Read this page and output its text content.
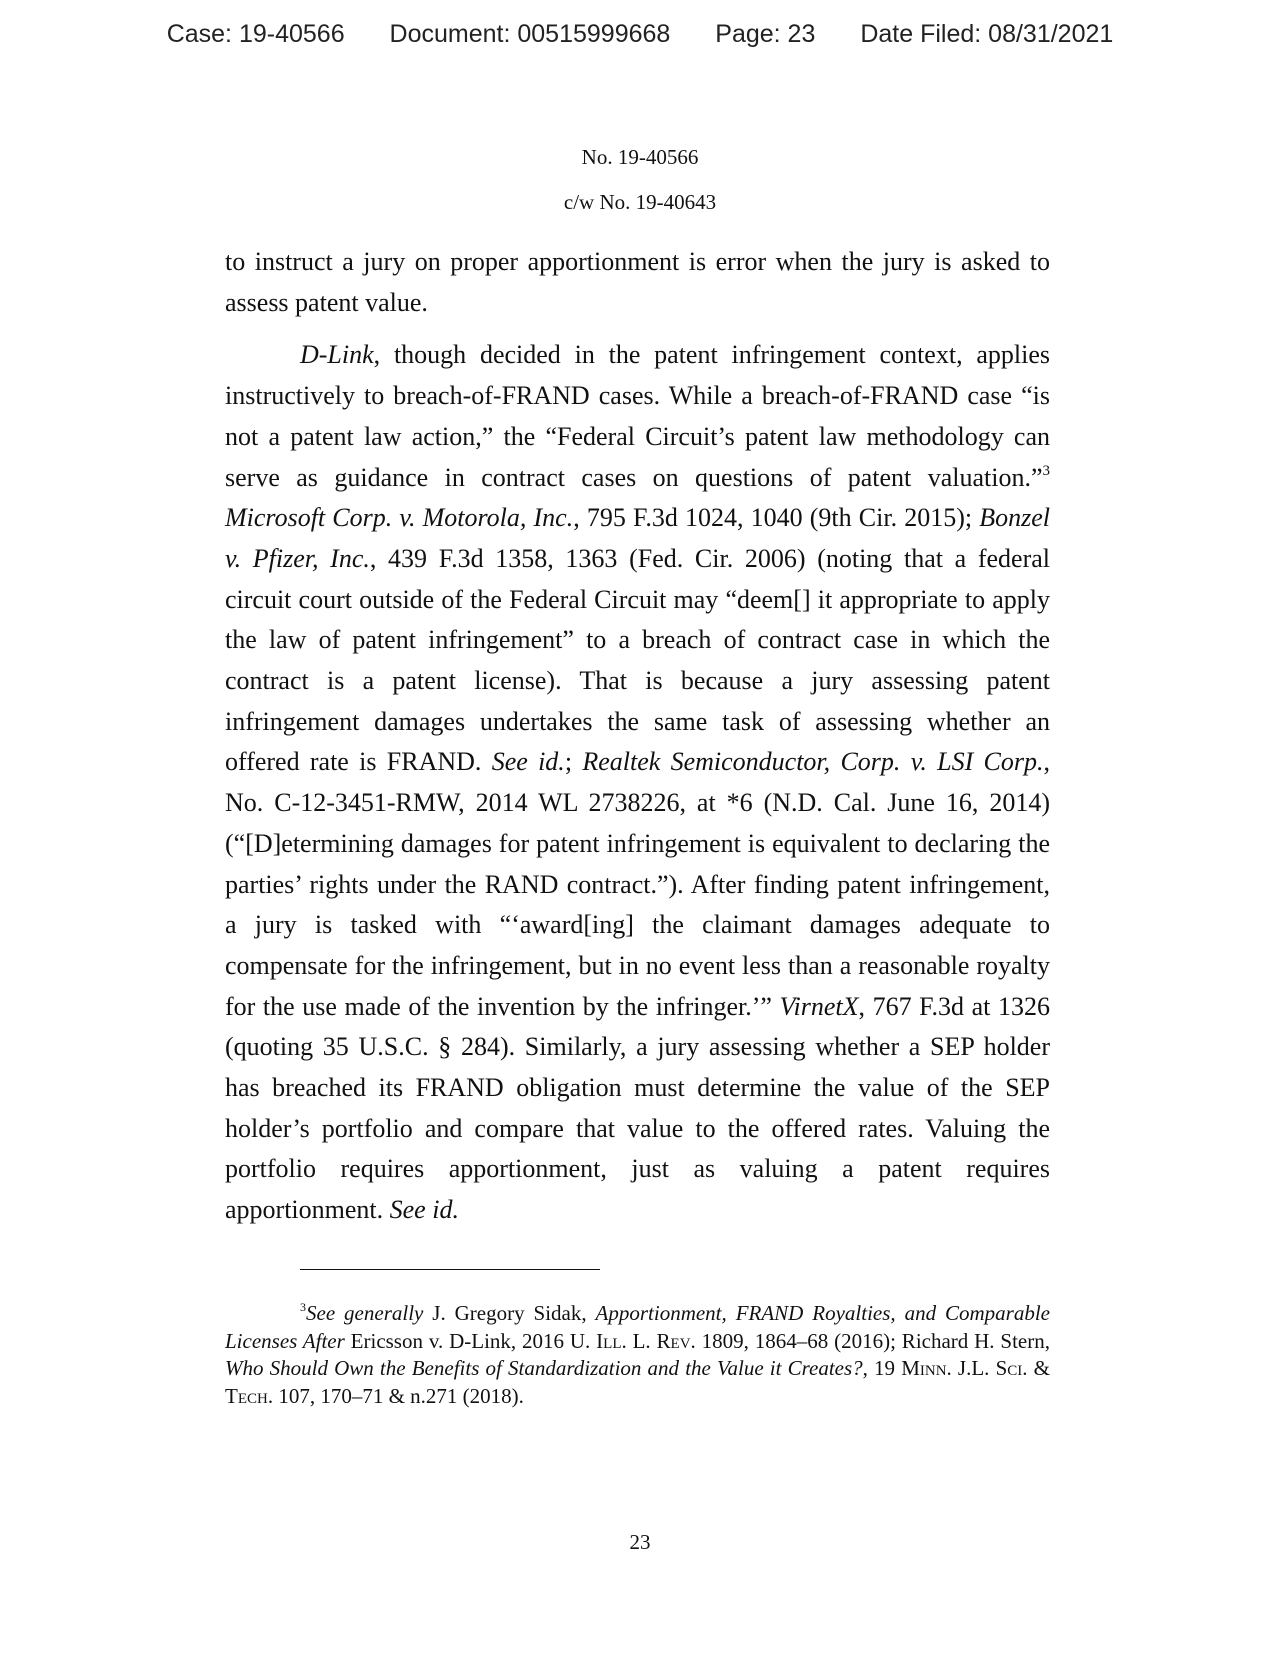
Case: 19-40566 Document: 00515999668 Page: 23 Date Filed: 08/31/2021
No. 19-40566
c/w No. 19-40643

to instruct a jury on proper apportionment is error when the jury is asked to assess patent value.

D-Link, though decided in the patent infringement context, applies instructively to breach-of-FRAND cases. While a breach-of-FRAND case “is not a patent law action,” the “Federal Circuit’s patent law methodology can serve as guidance in contract cases on questions of patent valuation.”$^3$ Microsoft Corp. v. Motorola, Inc., 795 F.3d 1024, 1040 (9th Cir. 2015); Bonzel v. Pfizer, Inc., 439 F.3d 1358, 1363 (Fed. Cir. 2006) (noting that a federal circuit court outside of the Federal Circuit may “deem[] it appropriate to apply the law of patent infringement” to a breach of contract case in which the contract is a patent license). That is because a jury assessing patent infringement damages undertakes the same task of assessing whether an offered rate is FRAND. See id.; Realtek Semiconductor, Corp. v. LSI Corp., No. C-12-3451-RMW, 2014 WL 2738226, at *6 (N.D. Cal. June 16, 2014) (“[D]etermining damages for patent infringement is equivalent to declaring the parties’ rights under the RAND contract.”). After finding patent infringement, a jury is tasked with “‘award[ing] the claimant damages adequate to compensate for the infringement, but in no event less than a reasonable royalty for the use made of the invention by the infringer.’” VirnetX, 767 F.3d at 1326 (quoting 35 U.S.C. § 284). Similarly, a jury assessing whether a SEP holder has breached its FRAND obligation must determine the value of the SEP holder’s portfolio and compare that value to the offered rates. Valuing the portfolio requires apportionment, just as valuing a patent requires apportionment. See id.

$^3$See generally J. Gregory Sidak, Apportionment, FRAND Royalties, and Comparable Licenses After Ericsson v. D-Link, 2016 U. Ill. L. Rev. 1809, 1864–68 (2016); Richard H. Stern, Who Should Own the Benefits of Standardization and the Value it Creates?, 19 Minn. J.L. Sci. & Tech. 107, 170–71 & n.271 (2018).

23
